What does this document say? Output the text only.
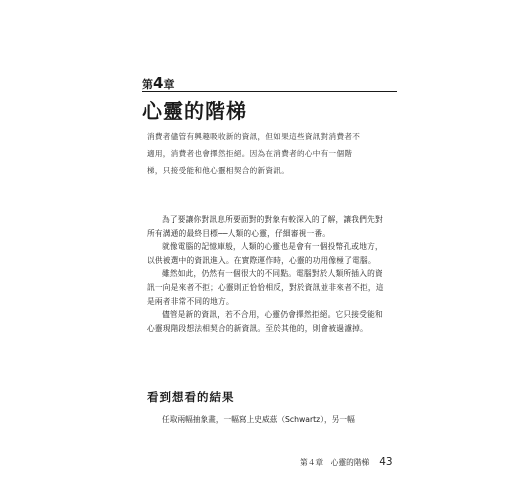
第4章
心靈的階梯

消費者儘管有興趣吸收新的資訊，但如果這些資訊對消費者不

適用，消費者也會擇然拒絕。因為在消費者的心中有一個階

梯，只接受能和他心靈相契合的新資訊。

為了要讓你對訊息所要面對的對象有較深入的了解，讓我們先對所有溝通的最終目標──人類的心靈，仔細審視一番。

就像電腦的記憶庫般，人類的心靈也是會有一個投幣孔或地方，以供被選中的資訊進入。在實際運作時，心靈的功用像極了電腦。

雖然如此，仍然有一個很大的不同點。電腦對於人類所插入的資訊一向是來者不拒；心靈則正恰恰相反，對於資訊並非來者不拒，這是兩者非常不同的地方。

儘管是新的資訊，若不合用，心靈仍會擇然拒絕。它只接受能和心靈現階段想法相契合的新資訊。至於其他的，則會被過濾掉。

看到想看的結果
任取兩幅抽象畫，一幅寫上史威茲（Schwartz），另一幅
第４章　心靈的階梯 43
